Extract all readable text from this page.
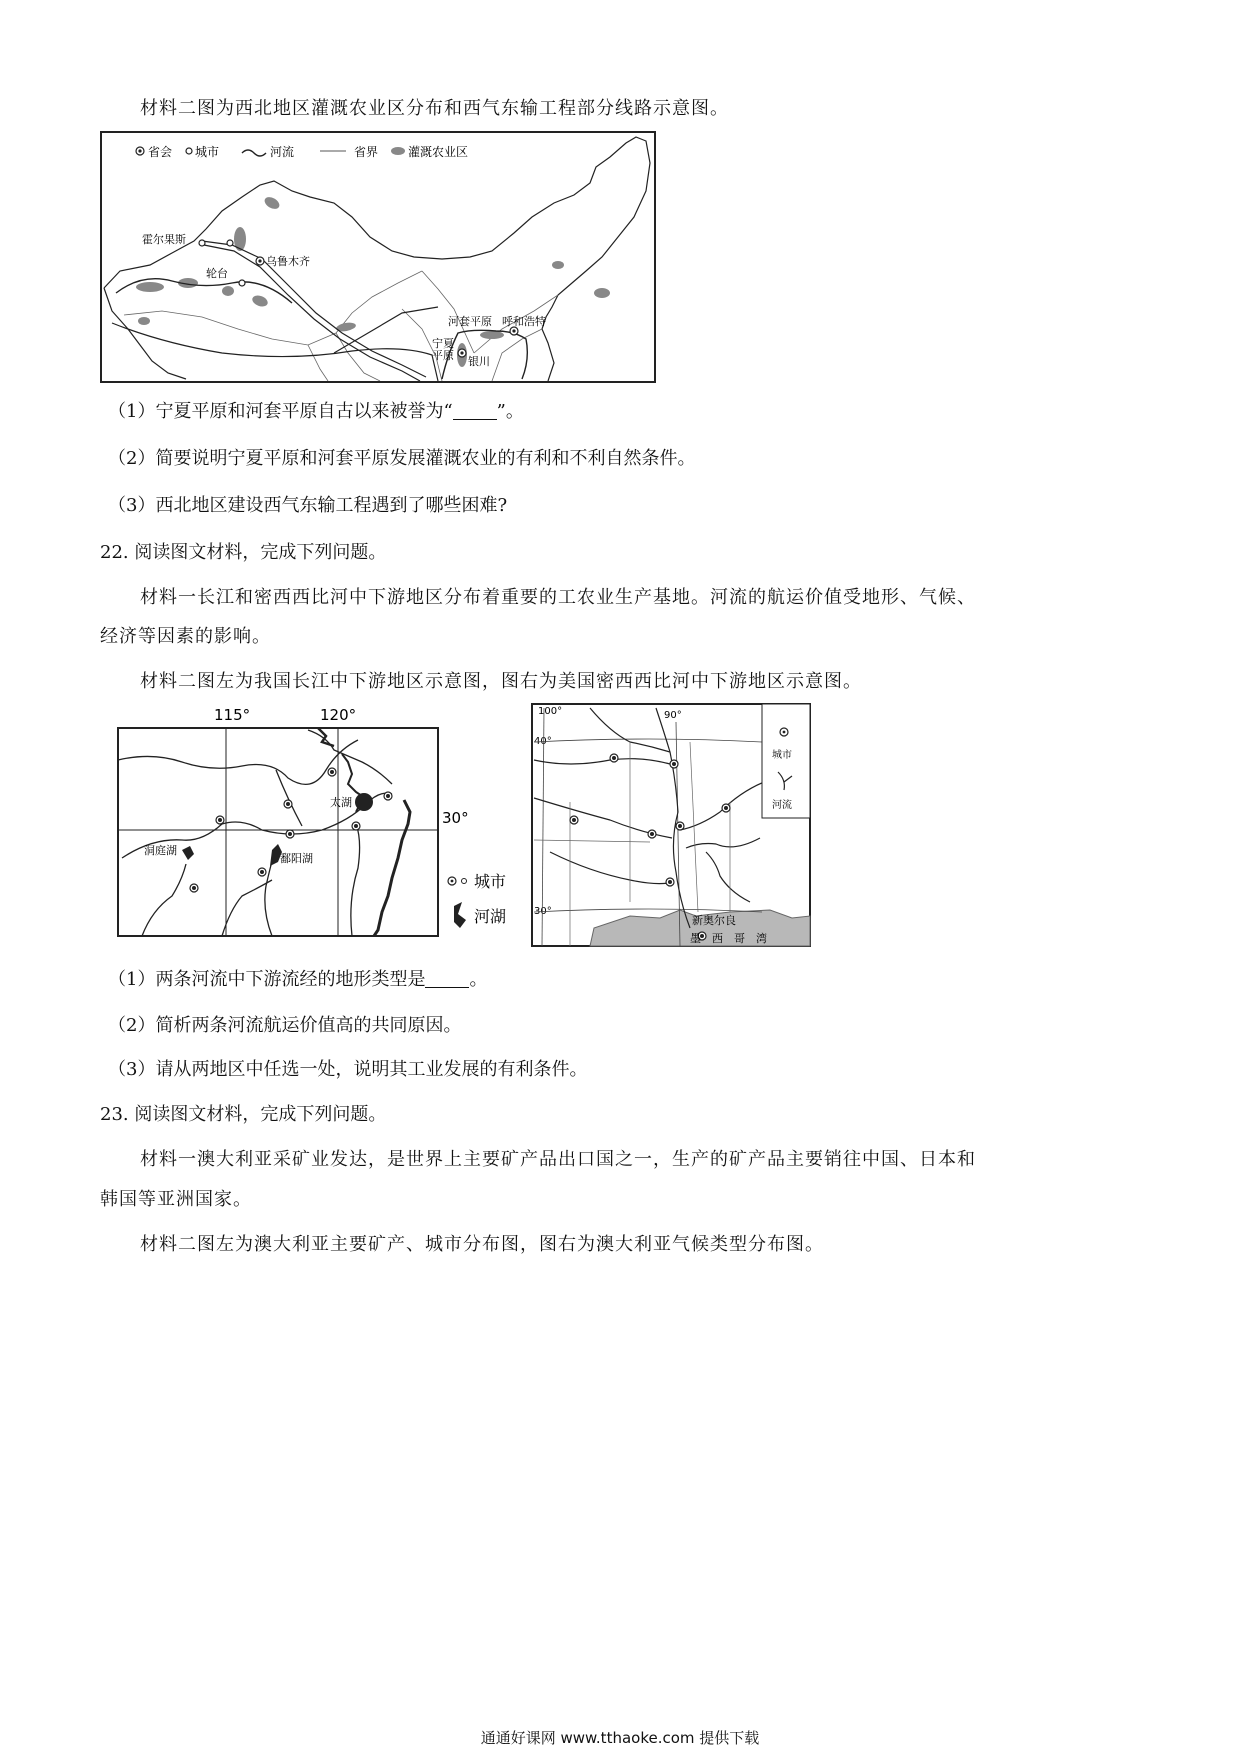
材料二图为西北地区灌溉农业区分布和西气东输工程部分线路示意图。
省会 城市	河流	省界 灌溉农业区
霍尔果斯
乌鲁木齐
轮台
河套平原 呼和浩特
宁夏
平原 银川
（1）宁夏平原和河套平原自古以来被誉为“ ”。
（2）简要说明宁夏平原和河套平原发展灌溉农业的有利和不利自然条件。
（3）西北地区建设西气东输工程遇到了哪些困难?
22. 阅读图文材料，完成下列问题。
材料一长江和密西西比河中下游地区分布着重要的工农业生产基地。河流的航运价值受地形、气候、
经济等因素的影响。
材料二图左为我国长江中下游地区示意图，图右为美国密西西比河中下游地区示意图。
115°	120°
30°
太湖
洞庭湖
鄱阳湖
城市
河湖
100°	90°
40°
30°
新奥尔良
墨　西　哥　湾
城市
河流
（1）两条河流中下游流经的地形类型是 。
（2）简析两条河流航运价值高的共同原因。
（3）请从两地区中任选一处，说明其工业发展的有利条件。
23. 阅读图文材料，完成下列问题。
材料一澳大利亚采矿业发达，是世界上主要矿产品出口国之一，生产的矿产品主要销往中国、日本和
韩国等亚洲国家。
材料二图左为澳大利亚主要矿产、城市分布图，图右为澳大利亚气候类型分布图。
通通好课网 www.tthaoke.com 提供下载
